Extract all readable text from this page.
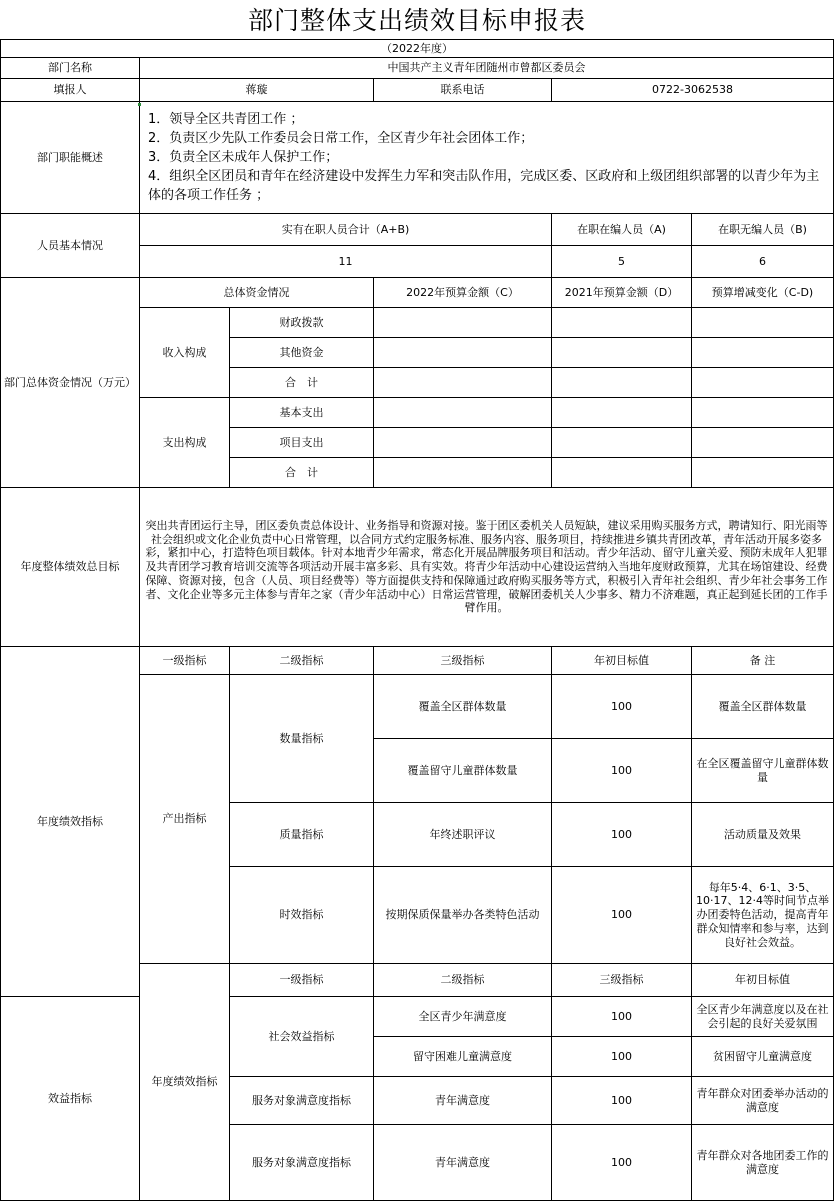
部门整体支出绩效目标申报表
（2022年度）						
部门名称	中国共产主义青年团随州市曾都区委员会					
填报人	蒋璇		联系电话	0722-3062538		
部门职能概述	1．领导全区共青团工作 ；

2．负责区少先队工作委员会日常工作，全区青少年社会团体工作；

3．负责全区未成年人保护工作；

4．组织全区团员和青年在经济建设中发挥生力军和突击队作用，完成区委、区政府和上级团组织部署的以青少年为主体的各项工作任务 ；					

人员基本情况	实有在职人员合计（A+B)			在职在编人员（A)	在职无编人员（B)	
	11			5	6	
部门总体资金情况（万元）	总体资金情况		2022年预算金额（C）	2021年预算金额（D）	预算增减变化（C-D)	
	收入构成	财政拨款				
		其他资金				
		合　计				
	支出构成	基本支出				
		项目支出				
		合　计				
年度整体绩效总目标	突出共青团运行主导，团区委负责总体设计、业务指导和资源对接。鉴于团区委机关人员短缺，建议采用购买服务方式，聘请知行、阳光雨等社会组织或文化企业负责中心日常管理，以合同方式约定服务标准、服务内容、服务项目，持续推进乡镇共青团改革，青年活动开展多姿多彩，紧扣中心，打造特色项目载体。针对本地青少年需求，常态化开展品牌服务项目和活动。青少年活动、留守儿童关爱、预防未成年人犯罪及共青团学习教育培训交流等各项活动开展丰富多彩、具有实效。将青少年活动中心建设运营纳入当地年度财政预算，尤其在场馆建设、经费保障、资源对接，包含（人员、项目经费等）等方面提供支持和保障通过政府购买服务等方式，积极引入青年社会组织、青少年社会事务工作者、文化企业等多元主体参与青年之家（青少年活动中心）日常运营管理，破解团委机关人少事多、精力不济难题，真正起到延长团的工作手臂作用。					
年度绩效指标	一级指标	二级指标	三级指标	年初目标值	备 注	
	产出指标	数量指标	覆盖全区群体数量	100	覆盖全区群体数量	
			覆盖留守儿童群体数量	100	在全区覆盖留守儿童群体数量	
		质量指标	年终述职评议	100	活动质量及效果	
		时效指标	按期保质保量举办各类特色活动	100	每年5·4、6·1、3·5、10·17、12·4等时间节点举办团委特色活动，提高青年群众知情率和参与率，达到良好社会效益。	
	年度绩效指标	一级指标	二级指标	三级指标	年初目标值	
效益指标		社会效益指标	全区青少年满意度	100	全区青少年满意度以及在社会引起的良好关爱氛围	
			留守困难儿童满意度	100	贫困留守儿童满意度	
		服务对象满意度指标	青年满意度	100	青年群众对团委举办活动的满意度	
		服务对象满意度指标	青年满意度	100	青年群众对各地团委工作的满意度	
